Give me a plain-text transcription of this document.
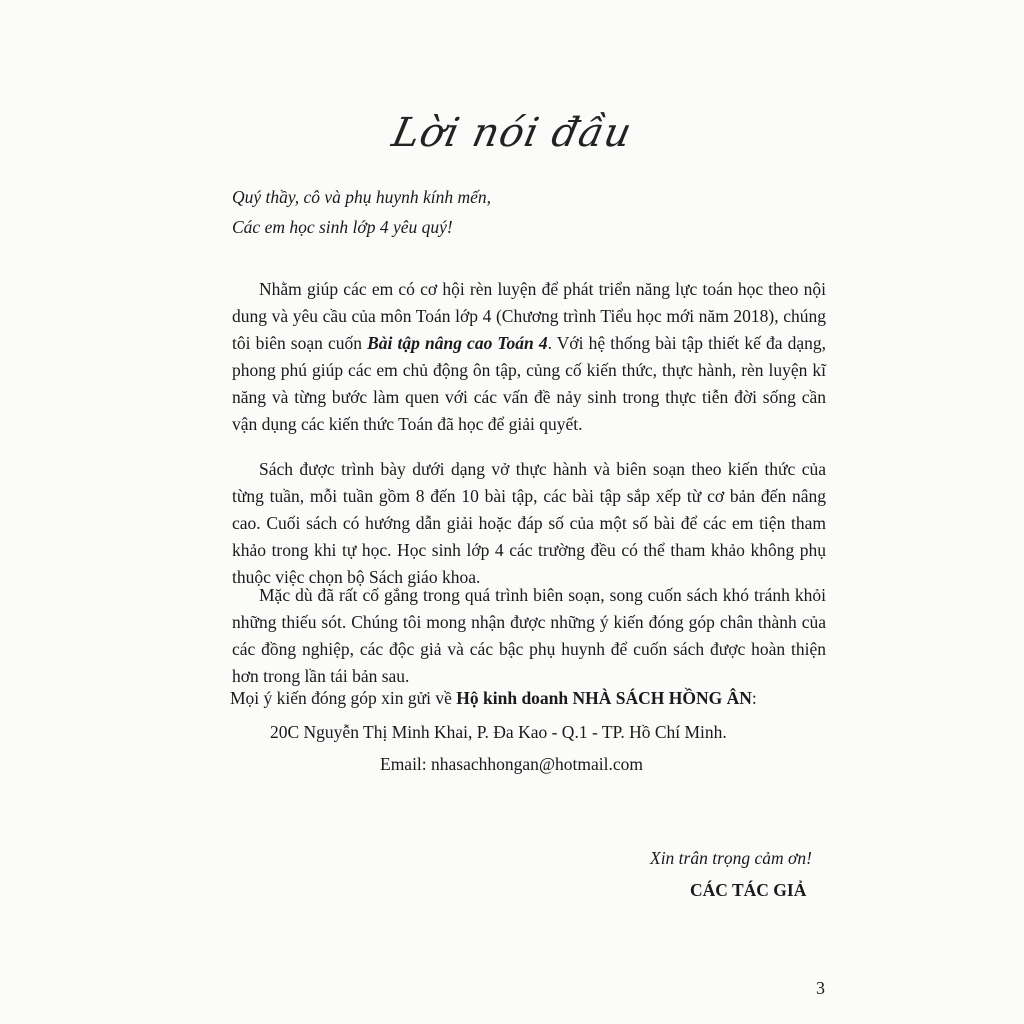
Lời nói đầu
Quý thầy, cô và phụ huynh kính mến,
Các em học sinh lớp 4 yêu quý!
Nhằm giúp các em có cơ hội rèn luyện để phát triển năng lực toán học theo nội dung và yêu cầu của môn Toán lớp 4 (Chương trình Tiểu học mới năm 2018), chúng tôi biên soạn cuốn Bài tập nâng cao Toán 4. Với hệ thống bài tập thiết kế đa dạng, phong phú giúp các em chủ động ôn tập, củng cố kiến thức, thực hành, rèn luyện kĩ năng và từng bước làm quen với các vấn đề nảy sinh trong thực tiễn đời sống cần vận dụng các kiến thức Toán đã học để giải quyết.
Sách được trình bày dưới dạng vở thực hành và biên soạn theo kiến thức của từng tuần, mỗi tuần gồm 8 đến 10 bài tập, các bài tập sắp xếp từ cơ bản đến nâng cao. Cuối sách có hướng dẫn giải hoặc đáp số của một số bài để các em tiện tham khảo trong khi tự học. Học sinh lớp 4 các trường đều có thể tham khảo không phụ thuộc việc chọn bộ Sách giáo khoa.
Mặc dù đã rất cố gắng trong quá trình biên soạn, song cuốn sách khó tránh khỏi những thiếu sót. Chúng tôi mong nhận được những ý kiến đóng góp chân thành của các đồng nghiệp, các độc giả và các bậc phụ huynh để cuốn sách được hoàn thiện hơn trong lần tái bản sau.
Mọi ý kiến đóng góp xin gửi về Hộ kinh doanh NHÀ SÁCH HỒNG ÂN:
20C Nguyễn Thị Minh Khai, P. Đa Kao - Q.1 - TP. Hồ Chí Minh.
Email: nhasachhongan@hotmail.com
Xin trân trọng cảm ơn!
CÁC TÁC GIẢ
3
